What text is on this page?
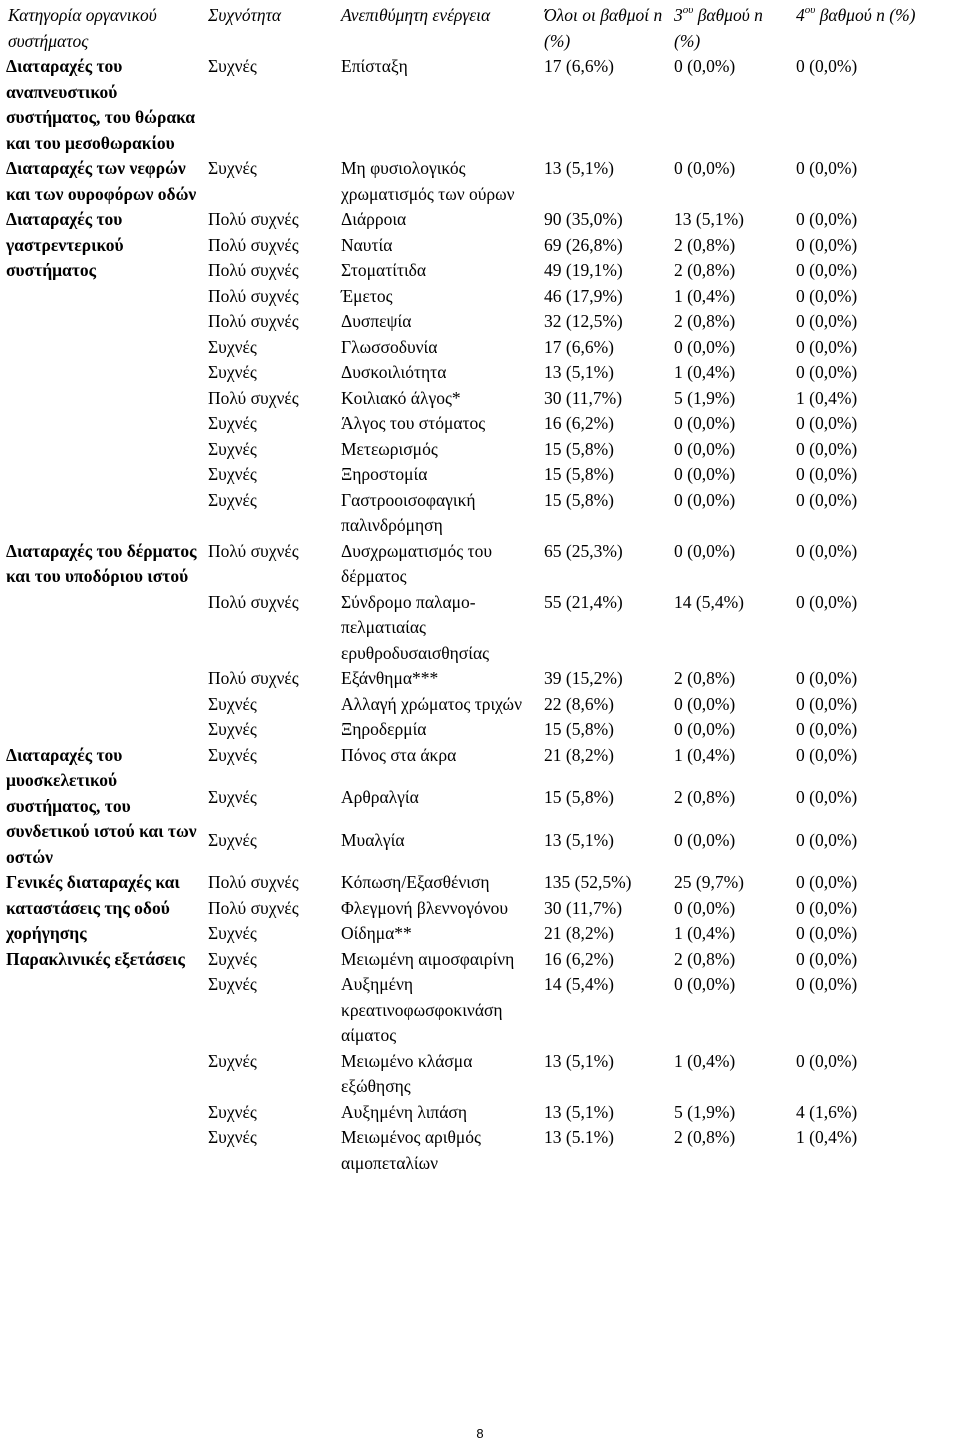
Κατηγορία οργανικού συστήματος	Συχνότητα	Ανεπιθύμητη ενέργεια	Όλοι οι βαθμοί n (%)	$3^{o\upsilon}$ βαθμού n (%)	$4^{o\upsilon}$ βαθμού n (%)
Διαταραχές του αναπνευστικού συστήματος, του θώρακα και του μεσοθωρακίου	Συχνές	Επίσταξη	17 (6,6%)	0 (0,0%)	0 (0,0%)
Διαταραχές των νεφρών και των ουροφόρων οδών	Συχνές	Μη φυσιολογικός χρωματισμός των ούρων	13 (5,1%)	0 (0,0%)	0 (0,0%)
Διαταραχές του γαστρεντερικού συστήματος	Πολύ συχνές	Διάρροια	90 (35,0%)	13 (5,1%)	0 (0,0%)
	Πολύ συχνές	Ναυτία	69 (26,8%)	2 (0,8%)	0 (0,0%)
	Πολύ συχνές	Στοματίτιδα	49 (19,1%)	2 (0,8%)	0 (0,0%)
	Πολύ συχνές	Έμετος	46 (17,9%)	1 (0,4%)	0 (0,0%)
	Πολύ συχνές	Δυσπεψία	32 (12,5%)	2 (0,8%)	0 (0,0%)
	Συχνές	Γλωσσοδυνία	17 (6,6%)	0 (0,0%)	0 (0,0%)
	Συχνές	Δυσκοιλιότητα	13 (5,1%)	1 (0,4%)	0 (0,0%)
	Πολύ συχνές	Κοιλιακό άλγος*	30 (11,7%)	5 (1,9%)	1 (0,4%)
	Συχνές	Άλγος του στόματος	16 (6,2%)	0 (0,0%)	0 (0,0%)
	Συχνές	Μετεωρισμός	15 (5,8%)	0 (0,0%)	0 (0,0%)
	Συχνές	Ξηροστομία	15 (5,8%)	0 (0,0%)	0 (0,0%)
	Συχνές	Γαστροοισοφαγική παλινδρόμηση	15 (5,8%)	0 (0,0%)	0 (0,0%)
Διαταραχές του δέρματος και του υποδόριου ιστού	Πολύ συχνές	Δυσχρωματισμός του δέρματος	65 (25,3%)	0 (0,0%)	0 (0,0%)
	Πολύ συχνές	Σύνδρομο παλαμο-πελματιαίας ερυθροδυσαισθησίας	55 (21,4%)	14 (5,4%)	0 (0,0%)
	Πολύ συχνές	Εξάνθημα***	39 (15,2%)	2 (0,8%)	0 (0,0%)
	Συχνές	Αλλαγή χρώματος τριχών	22 (8,6%)	0 (0,0%)	0 (0,0%)
	Συχνές	Ξηροδερμία	15 (5,8%)	0 (0,0%)	0 (0,0%)
Διαταραχές του μυοσκελετικού συστήματος, του συνδετικού ιστού και των οστών	Συχνές	Πόνος στα άκρα	21 (8,2%)	1 (0,4%)	0 (0,0%)
	Συχνές	Αρθραλγία	15 (5,8%)	2 (0,8%)	0 (0,0%)
	Συχνές	Μυαλγία	13 (5,1%)	0 (0,0%)	0 (0,0%)
Γενικές διαταραχές και καταστάσεις της οδού χορήγησης	Πολύ συχνές	Κόπωση/Εξασθένιση	135 (52,5%)	25 (9,7%)	0 (0,0%)
	Πολύ συχνές	Φλεγμονή βλεννογόνου	30 (11,7%)	0 (0,0%)	0 (0,0%)
	Συχνές	Οίδημα**	21 (8,2%)	1 (0,4%)	0 (0,0%)
Παρακλινικές εξετάσεις	Συχνές	Μειωμένη αιμοσφαιρίνη	16 (6,2%)	2 (0,8%)	0 (0,0%)
	Συχνές	Αυξημένη κρεατινοφωσφοκινάση αίματος	14 (5,4%)	0 (0,0%)	0 (0,0%)
	Συχνές	Μειωμένο κλάσμα εξώθησης	13 (5,1%)	1 (0,4%)	0 (0,0%)
	Συχνές	Αυξημένη λιπάση	13 (5,1%)	5 (1,9%)	4 (1,6%)
	Συχνές	Μειωμένος αριθμός αιμοπεταλίων	13 (5.1%)	2 (0,8%)	1 (0,4%)
8
